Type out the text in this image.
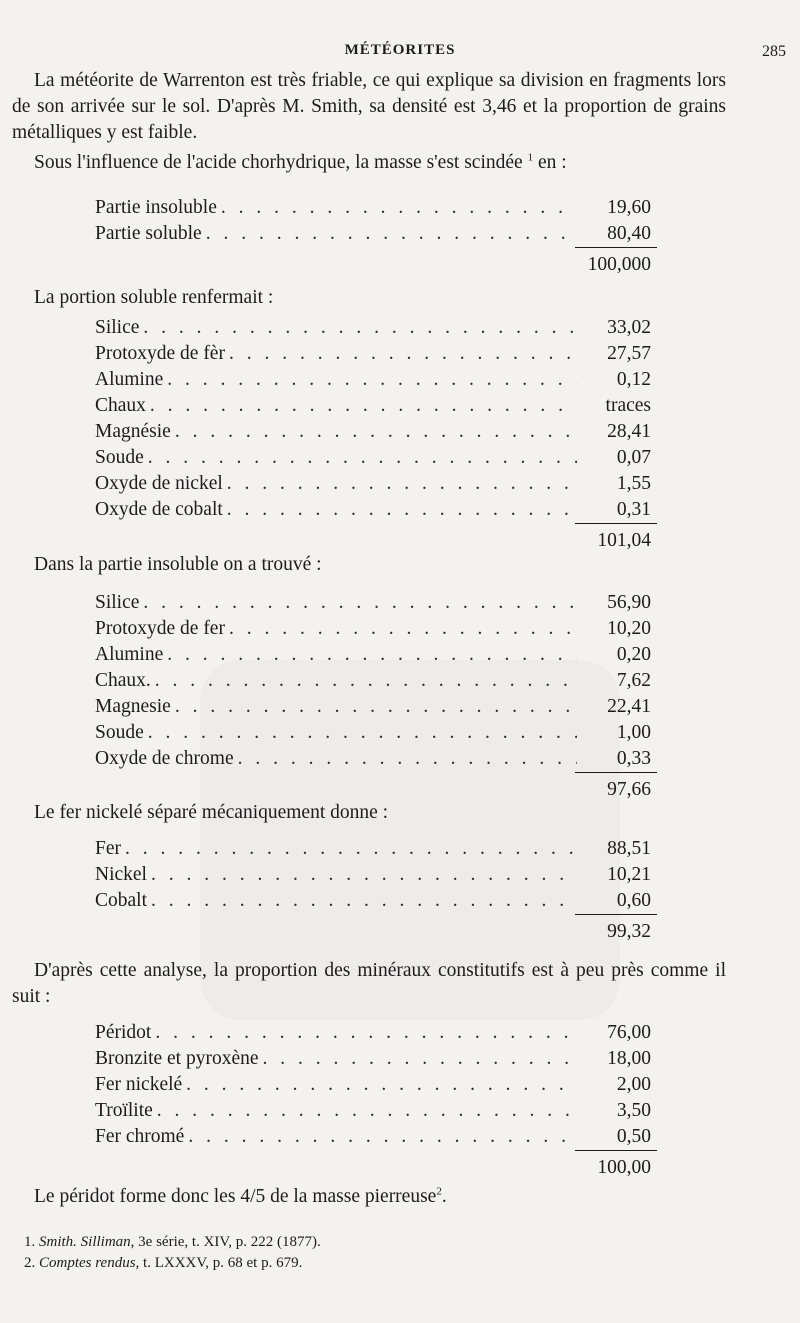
MÉTÉORITES	285

La météorite de Warrenton est très friable, ce qui explique sa division en fragments lors de son arrivée sur le sol. D'après M. Smith, sa densité est 3,46 et la proportion de grains métalliques y est faible.

Sous l'influence de l'acide chorhydrique, la masse s'est scindée $^1$ en :

Partie insoluble . . .	19,60
Partie soluble . . .	80,40
100,000

La portion soluble renfermait :

Silice . . .	33,02
Protoxyde de fèr . . .	27,57
Alumine . . .	0,12
Chaux . . .	traces
Magnésie . . .	28,41
Soude . . .	0,07
Oxyde de nickel . . .	1,55
Oxyde de cobalt . . .	0,31
101,04

Dans la partie insoluble on a trouvé :

Silice . . .	56,90
Protoxyde de fer . . .	10,20
Alumine . . .	0,20
Chaux. . . .	7,62
Magnesie . . .	22,41
Soude . . .	1,00
Oxyde de chrome . . .	0,33
97,66

Le fer nickelé séparé mécaniquement donne :

Fer . . .	88,51
Nickel . . .	10,21
Cobalt . . .	0,60
99,32

D'après cette analyse, la proportion des minéraux constitutifs est à peu près comme il suit :

Péridot . . .	76,00
Bronzite et pyroxène . . .	18,00
Fer nickelé . . .	2,00
Troïlite . . .	3,50
Fer chromé . . .	0,50
100,00

Le péridot forme donc les 4/5 de la masse pierreuse$^2$.

1. Smith. Silliman, 3e série, t. XIV, p. 222 (1877).
2. Comptes rendus, t. LXXXV, p. 68 et p. 679.
